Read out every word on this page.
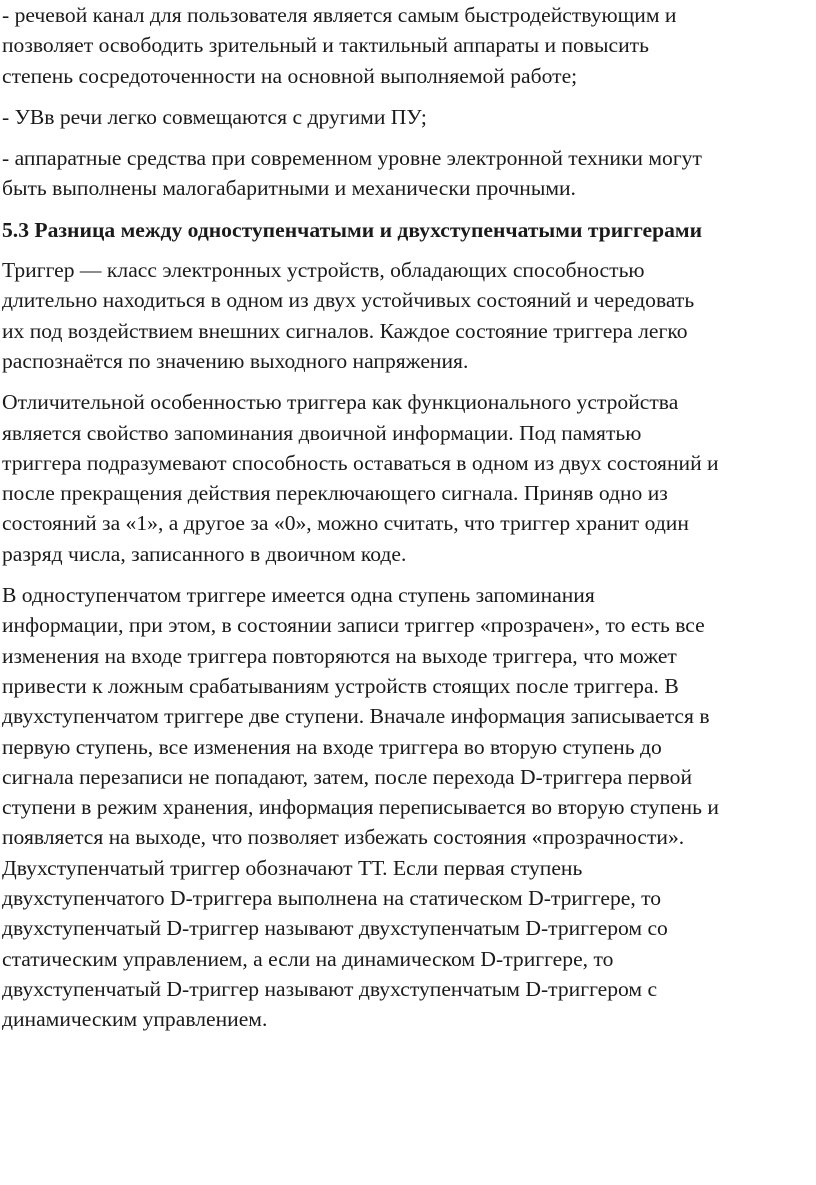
- речевой канал для пользователя является самым быстродействующим и
позволяет освободить зрительный и тактильный аппараты и повысить
степень сосредоточенности на основной выполняемой работе;
- УВв речи легко совмещаются с другими ПУ;
- аппаратные средства при современном уровне электронной техники могут
быть выполнены малогабаритными и механически прочными.
5.3 Разница между одноступенчатыми и двухступенчатыми триггерами
Триггер — класс электронных устройств, обладающих способностью
длительно находиться в одном из двух устойчивых состояний и чередовать
их под воздействием внешних сигналов. Каждое состояние триггера легко
распознаётся по значению выходного напряжения.
Отличительной особенностью триггера как функционального устройства
является свойство запоминания двоичной информации. Под памятью
триггера подразумевают способность оставаться в одном из двух состояний и
после прекращения действия переключающего сигнала. Приняв одно из
состояний за «1», а другое за «0», можно считать, что триггер хранит один
разряд числа, записанного в двоичном коде.
В одноступенчатом триггере имеется одна ступень запоминания
информации, при этом, в состоянии записи триггер «прозрачен», то есть все
изменения на входе триггера повторяются на выходе триггера, что может
привести к ложным срабатываниям устройств стоящих после триггера. В
двухступенчатом триггере две ступени. Вначале информация записывается в
первую ступень, все изменения на входе триггера во вторую ступень до
сигнала перезаписи не попадают, затем, после перехода D-триггера первой
ступени в режим хранения, информация переписывается во вторую ступень и
появляется на выходе, что позволяет избежать состояния «прозрачности».
Двухступенчатый триггер обозначают ТТ. Если первая ступень
двухступенчатого D-триггера выполнена на статическом D-триггере, то
двухступенчатый D-триггер называют двухступенчатым D-триггером со
статическим управлением, а если на динамическом D-триггере, то
двухступенчатый D-триггер называют двухступенчатым D-триггером с
динамическим управлением.
